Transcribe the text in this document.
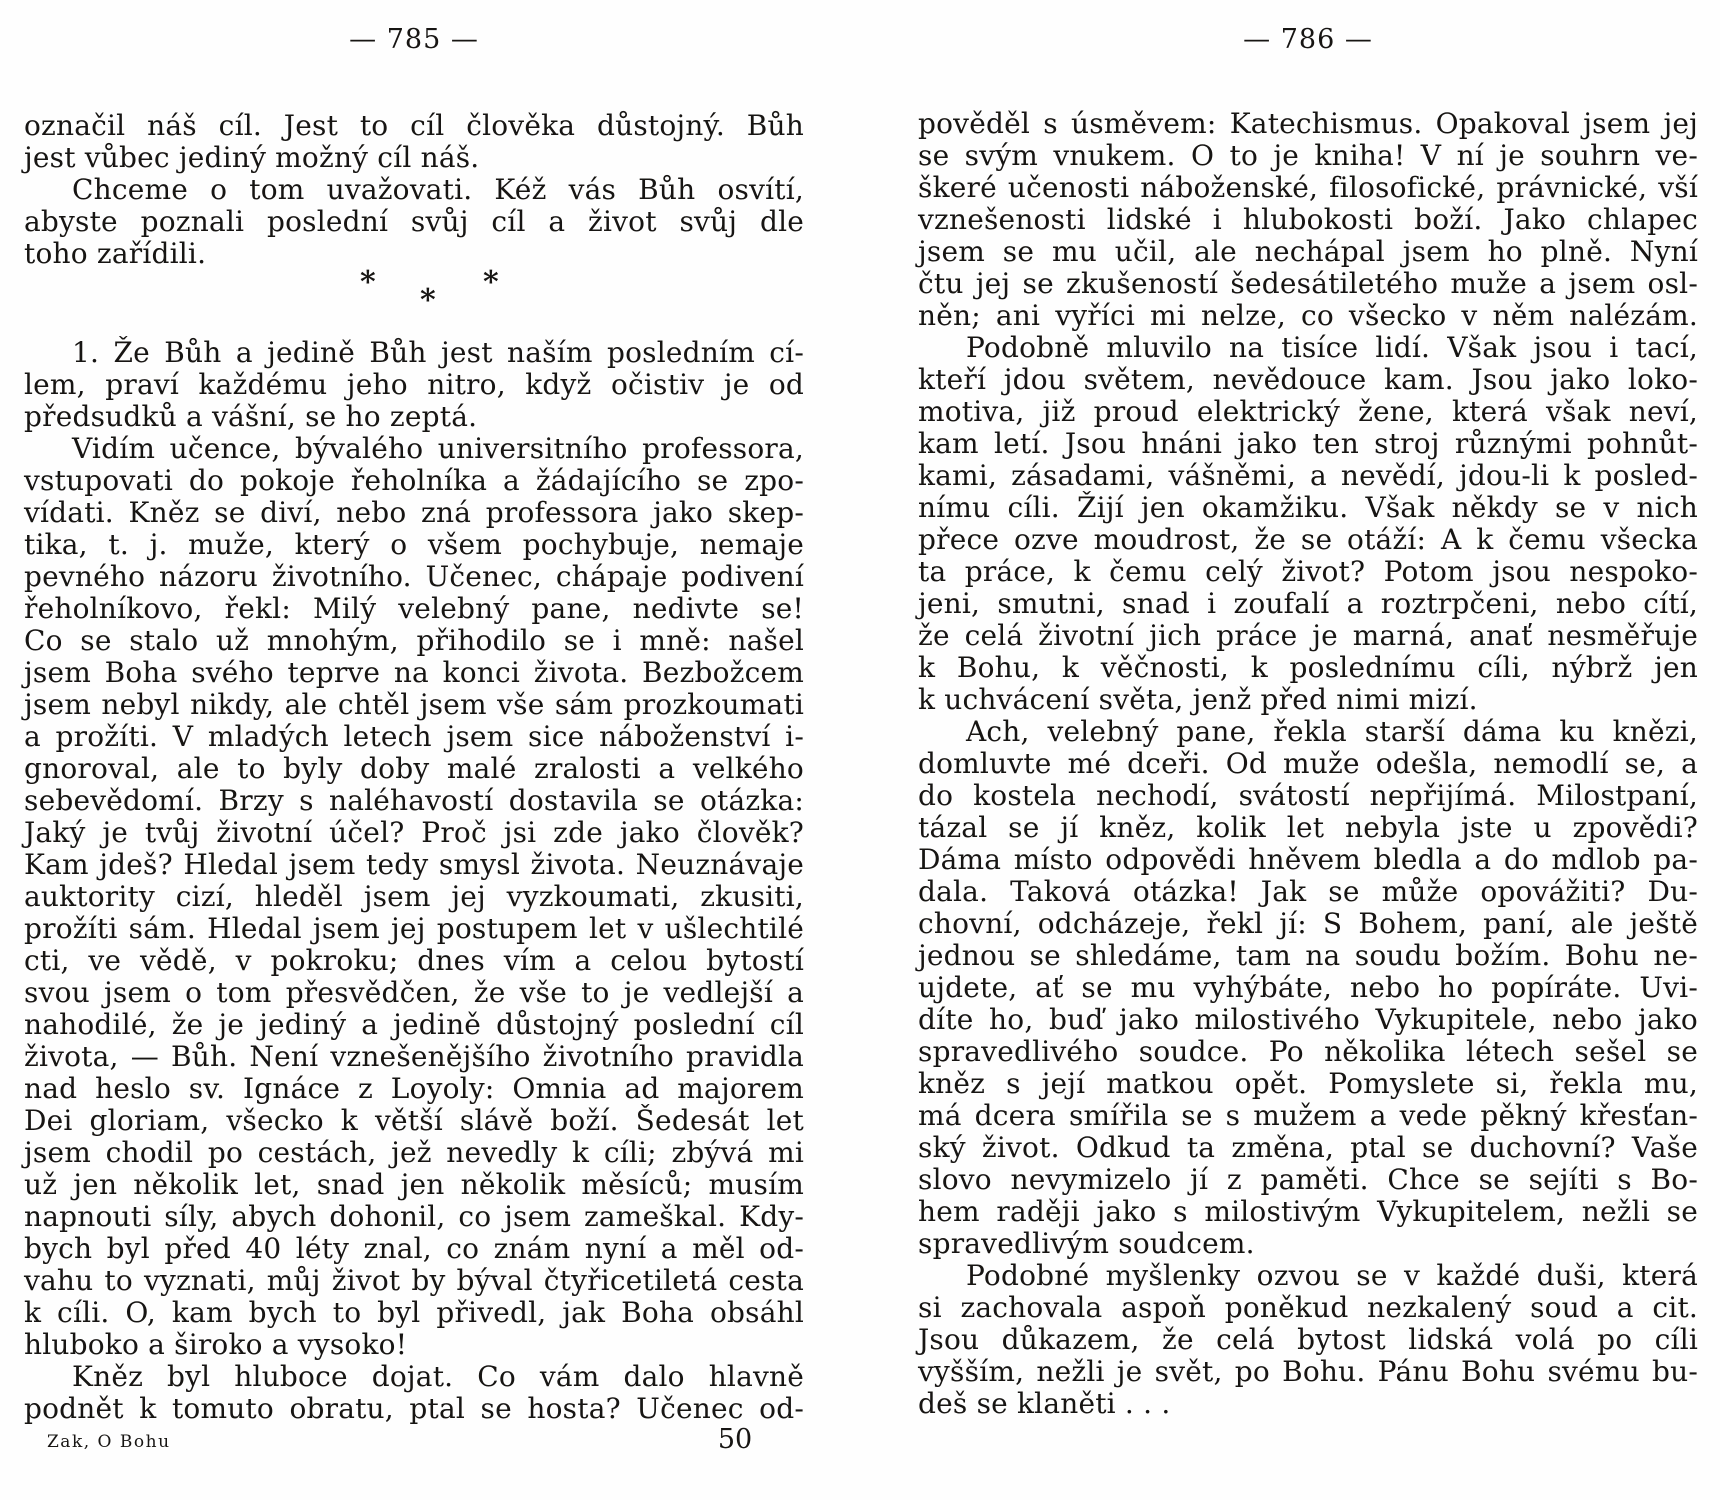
— 785 —	— 786 —
označil náš cíl. Jest to cíl člověka důstojný. Bůh
jest vůbec jediný možný cíl náš.
Chceme o tom uvažovati. Kéž vás Bůh osvítí,
abyste poznali poslední svůj cíl a život svůj dle
toho zařídili.
*	*
*
1. Že Bůh a jedině Bůh jest naším posledním cí-
lem, praví každému jeho nitro, když očistiv je od
předsudků a vášní, se ho zeptá.
Vidím učence, bývalého universitního professora,
vstupovati do pokoje řeholníka a žádajícího se zpo-
vídati. Kněz se diví, nebo zná professora jako skep-
tika, t. j. muže, který o všem pochybuje, nemaje
pevného názoru životního. Učenec, chápaje podivení
řeholníkovo, řekl: Milý velebný pane, nedivte se!
Co se stalo už mnohým, přihodilo se i mně: našel
jsem Boha svého teprve na konci života. Bezbožcem
jsem nebyl nikdy, ale chtěl jsem vše sám prozkoumati
a prožíti. V mladých letech jsem sice náboženství i-
gnoroval, ale to byly doby malé zralosti a velkého
sebevědomí. Brzy s naléhavostí dostavila se otázka:
Jaký je tvůj životní účel? Proč jsi zde jako člověk?
Kam jdeš? Hledal jsem tedy smysl života. Neuznávaje
auktority cizí, hleděl jsem jej vyzkoumati, zkusiti,
prožíti sám. Hledal jsem jej postupem let v ušlechtilé
cti, ve vědě, v pokroku; dnes vím a celou bytostí
svou jsem o tom přesvědčen, že vše to je vedlejší a
nahodilé, že je jediný a jedině důstojný poslední cíl
života, — Bůh. Není vznešenějšího životního pravidla
nad heslo sv. Ignáce z Loyoly: Omnia ad majorem
Dei gloriam, všecko k větší slávě boží. Šedesát let
jsem chodil po cestách, jež nevedly k cíli; zbývá mi
už jen několik let, snad jen několik měsíců; musím
napnouti síly, abych dohonil, co jsem zameškal. Kdy-
bych byl před 40 léty znal, co znám nyní a měl od-
vahu to vyznati, můj život by býval čtyřicetiletá cesta
k cíli. O, kam bych to byl přivedl, jak Boha obsáhl
hluboko a široko a vysoko!
Kněz byl hluboce dojat. Co vám dalo hlavně
podnět k tomuto obratu, ptal se hosta? Učenec od-
pověděl s úsměvem: Katechismus. Opakoval jsem jej
se svým vnukem. O to je kniha! V ní je souhrn ve-
škeré učenosti náboženské, filosofické, právnické, vší
vznešenosti lidské i hlubokosti boží. Jako chlapec
jsem se mu učil, ale nechápal jsem ho plně. Nyní
čtu jej se zkušeností šedesátiletého muže a jsem osl-
něn; ani vyříci mi nelze, co všecko v něm nalézám.
Podobně mluvilo na tisíce lidí. Však jsou i tací,
kteří jdou světem, nevědouce kam. Jsou jako loko-
motiva, již proud elektrický žene, která však neví,
kam letí. Jsou hnáni jako ten stroj různými pohnůt-
kami, zásadami, vášněmi, a nevědí, jdou-li k posled-
nímu cíli. Žijí jen okamžiku. Však někdy se v nich
přece ozve moudrost, že se otáží: A k čemu všecka
ta práce, k čemu celý život? Potom jsou nespoko-
jeni, smutni, snad i zoufalí a roztrpčeni, nebo cítí,
že celá životní jich práce je marná, anať nesměřuje
k Bohu, k věčnosti, k poslednímu cíli, nýbrž jen
k uchvácení světa, jenž před nimi mizí.
Ach, velebný pane, řekla starší dáma ku knězi,
domluvte mé dceři. Od muže odešla, nemodlí se, a
do kostela nechodí, svátostí nepřijímá. Milostpaní,
tázal se jí kněz, kolik let nebyla jste u zpovědi?
Dáma místo odpovědi hněvem bledla a do mdlob pa-
dala. Taková otázka! Jak se může opovážiti? Du-
chovní, odcházeje, řekl jí: S Bohem, paní, ale ještě
jednou se shledáme, tam na soudu božím. Bohu ne-
ujdete, ať se mu vyhýbáte, nebo ho popíráte. Uvi-
díte ho, buď jako milostivého Vykupitele, nebo jako
spravedlivého soudce. Po několika létech sešel se
kněz s její matkou opět. Pomyslete si, řekla mu,
má dcera smířila se s mužem a vede pěkný křesťan-
ský život. Odkud ta změna, ptal se duchovní? Vaše
slovo nevymizelo jí z paměti. Chce se sejíti s Bo-
hem raději jako s milostivým Vykupitelem, nežli se
spravedlivým soudcem.
Podobné myšlenky ozvou se v každé duši, která
si zachovala aspoň poněkud nezkalený soud a cit.
Jsou důkazem, že celá bytost lidská volá po cíli
vyšším, nežli je svět, po Bohu. Pánu Bohu svému bu-
deš se klaněti . . .
Zak, O Bohu	50
